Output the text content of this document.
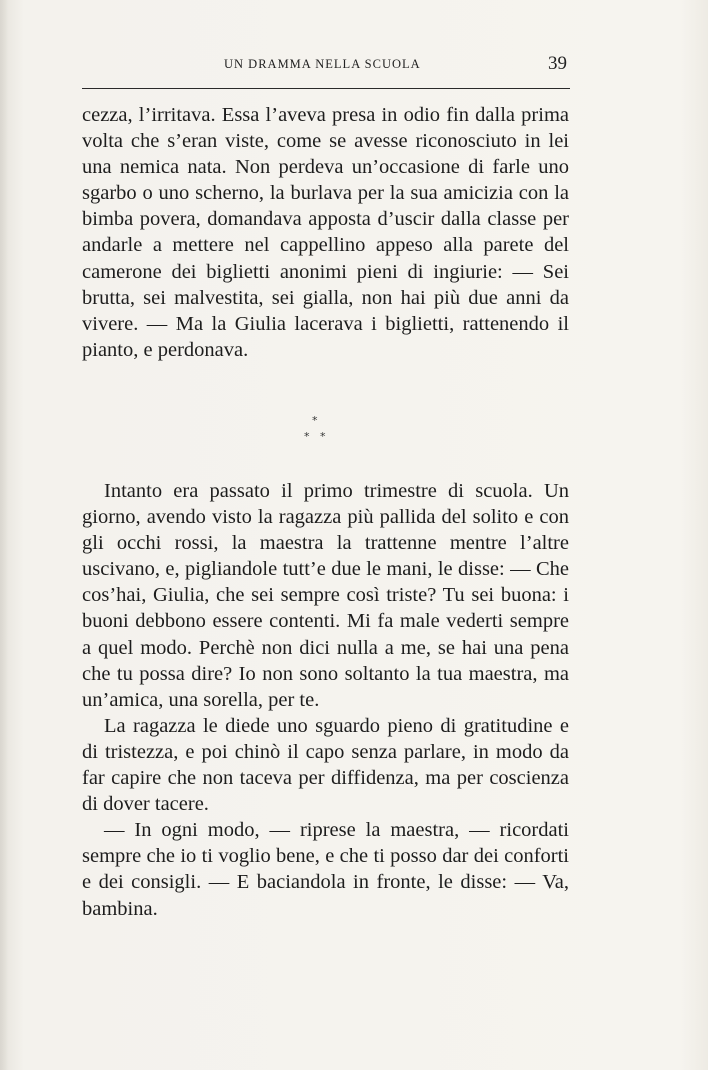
UN DRAMMA NELLA SCUOLA	39

cezza, l’irritava. Essa l’aveva presa in odio fin dalla prima volta che s’eran viste, come se avesse riconosciuto in lei una nemica nata. Non perdeva un’occasione di farle uno sgarbo o uno scherno, la burlava per la sua amicizia con la bimba povera, domandava apposta d’uscir dalla classe per andarle a mettere nel cappellino appeso alla parete del camerone dei biglietti anonimi pieni di ingiurie: — Sei brutta, sei malvestita, sei gialla, non hai più due anni da vivere. — Ma la Giulia lacerava i biglietti, rattenendo il pianto, e perdonava.

*
* *

Intanto era passato il primo trimestre di scuola. Un giorno, avendo visto la ragazza più pallida del solito e con gli occhi rossi, la maestra la trattenne mentre l’altre uscivano, e, pigliandole tutt’e due le mani, le disse: — Che cos’hai, Giulia, che sei sempre così triste? Tu sei buona: i buoni debbono essere contenti. Mi fa male vederti sempre a quel modo. Perchè non dici nulla a me, se hai una pena che tu possa dire? Io non sono soltanto la tua maestra, ma un’amica, una sorella, per te.

La ragazza le diede uno sguardo pieno di gratitudine e di tristezza, e poi chinò il capo senza parlare, in modo da far capire che non taceva per diffidenza, ma per coscienza di dover tacere.

— In ogni modo, — riprese la maestra, — ricordati sempre che io ti voglio bene, e che ti posso dar dei conforti e dei consigli. — E baciandola in fronte, le disse: — Va, bambina.
